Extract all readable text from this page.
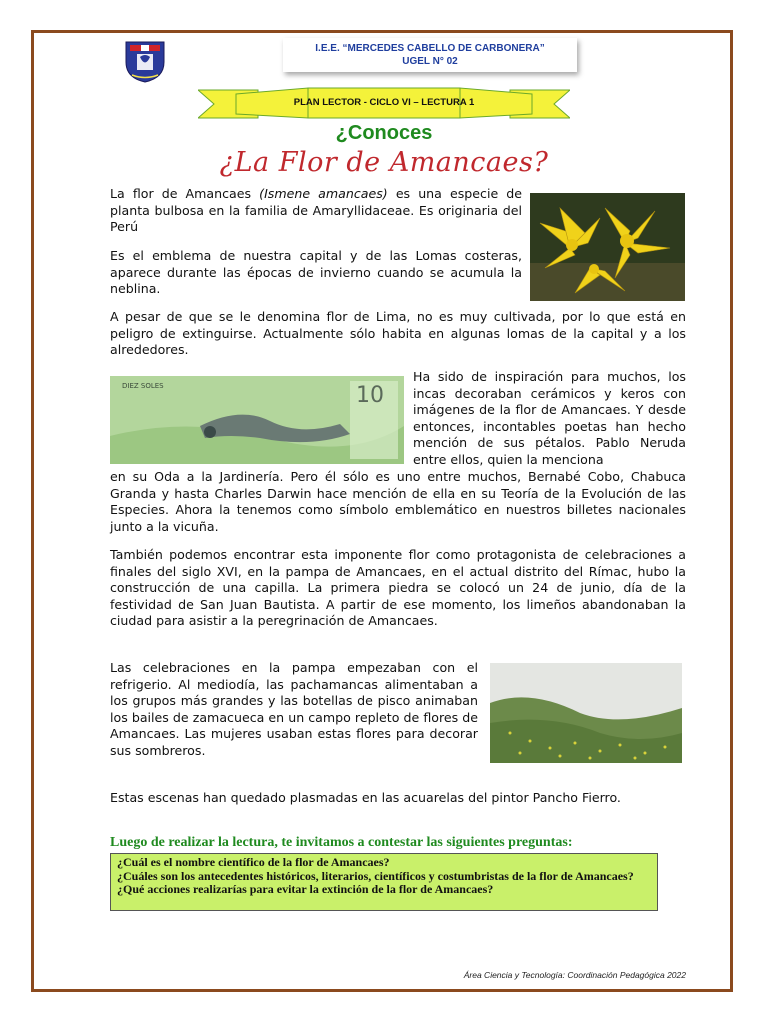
I.E.E. “MERCEDES CABELLO DE CARBONERA”
UGEL N° 02
PLAN LECTOR - CICLO VI – LECTURA 1
¿Conoces
¿La Flor de Amancaes?

La flor de Amancaes (Ismene amancaes) es una especie de planta bulbosa en la familia de Amaryllidaceae. Es originaria del Perú

Es el emblema de nuestra capital y de las Lomas costeras, aparece durante las épocas de invierno cuando se acumula la neblina.

A pesar de que se le denomina flor de Lima, no es muy cultivada, por lo que está en peligro de extinguirse. Actualmente sólo habita en algunas lomas de la capital y a los alrededores.

DIEZ SOLES	10

Ha sido de inspiración para muchos, los incas decoraban cerámicos y keros con imágenes de la flor de Amancaes. Y desde entonces, incontables poetas han hecho mención de sus pétalos. Pablo Neruda entre ellos, quien la menciona

en su Oda a la Jardinería. Pero él sólo es uno entre muchos, Bernabé Cobo, Chabuca Granda y hasta Charles Darwin hace mención de ella en su Teoría de la Evolución de las Especies. Ahora la tenemos como símbolo emblemático en nuestros billetes nacionales junto a la vicuña.

También podemos encontrar esta imponente flor como protagonista de celebraciones a finales del siglo XVI, en la pampa de Amancaes, en el actual distrito del Rímac, hubo la construcción de una capilla. La primera piedra se colocó un 24 de junio, día de la festividad de San Juan Bautista. A partir de ese momento, los limeños abandonaban la ciudad para asistir a la peregrinación de Amancaes.

Las celebraciones en la pampa empezaban con el refrigerio. Al mediodía, las pachamancas alimentaban a los grupos más grandes y las botellas de pisco animaban los bailes de zamacueca en un campo repleto de flores de Amancaes. Las mujeres usaban estas flores para decorar sus sombreros.

Estas escenas han quedado plasmadas en las acuarelas del pintor Pancho Fierro.

Luego de realizar la lectura, te invitamos a contestar las siguientes preguntas:
¿Cuál es el nombre científico de la flor de Amancaes?
¿Cuáles son los antecedentes históricos, literarios, científicos y costumbristas de la flor de Amancaes?
¿Qué acciones realizarías para evitar la extinción de la flor de Amancaes?
Área Ciencia y Tecnología: Coordinación Pedagógica 2022
